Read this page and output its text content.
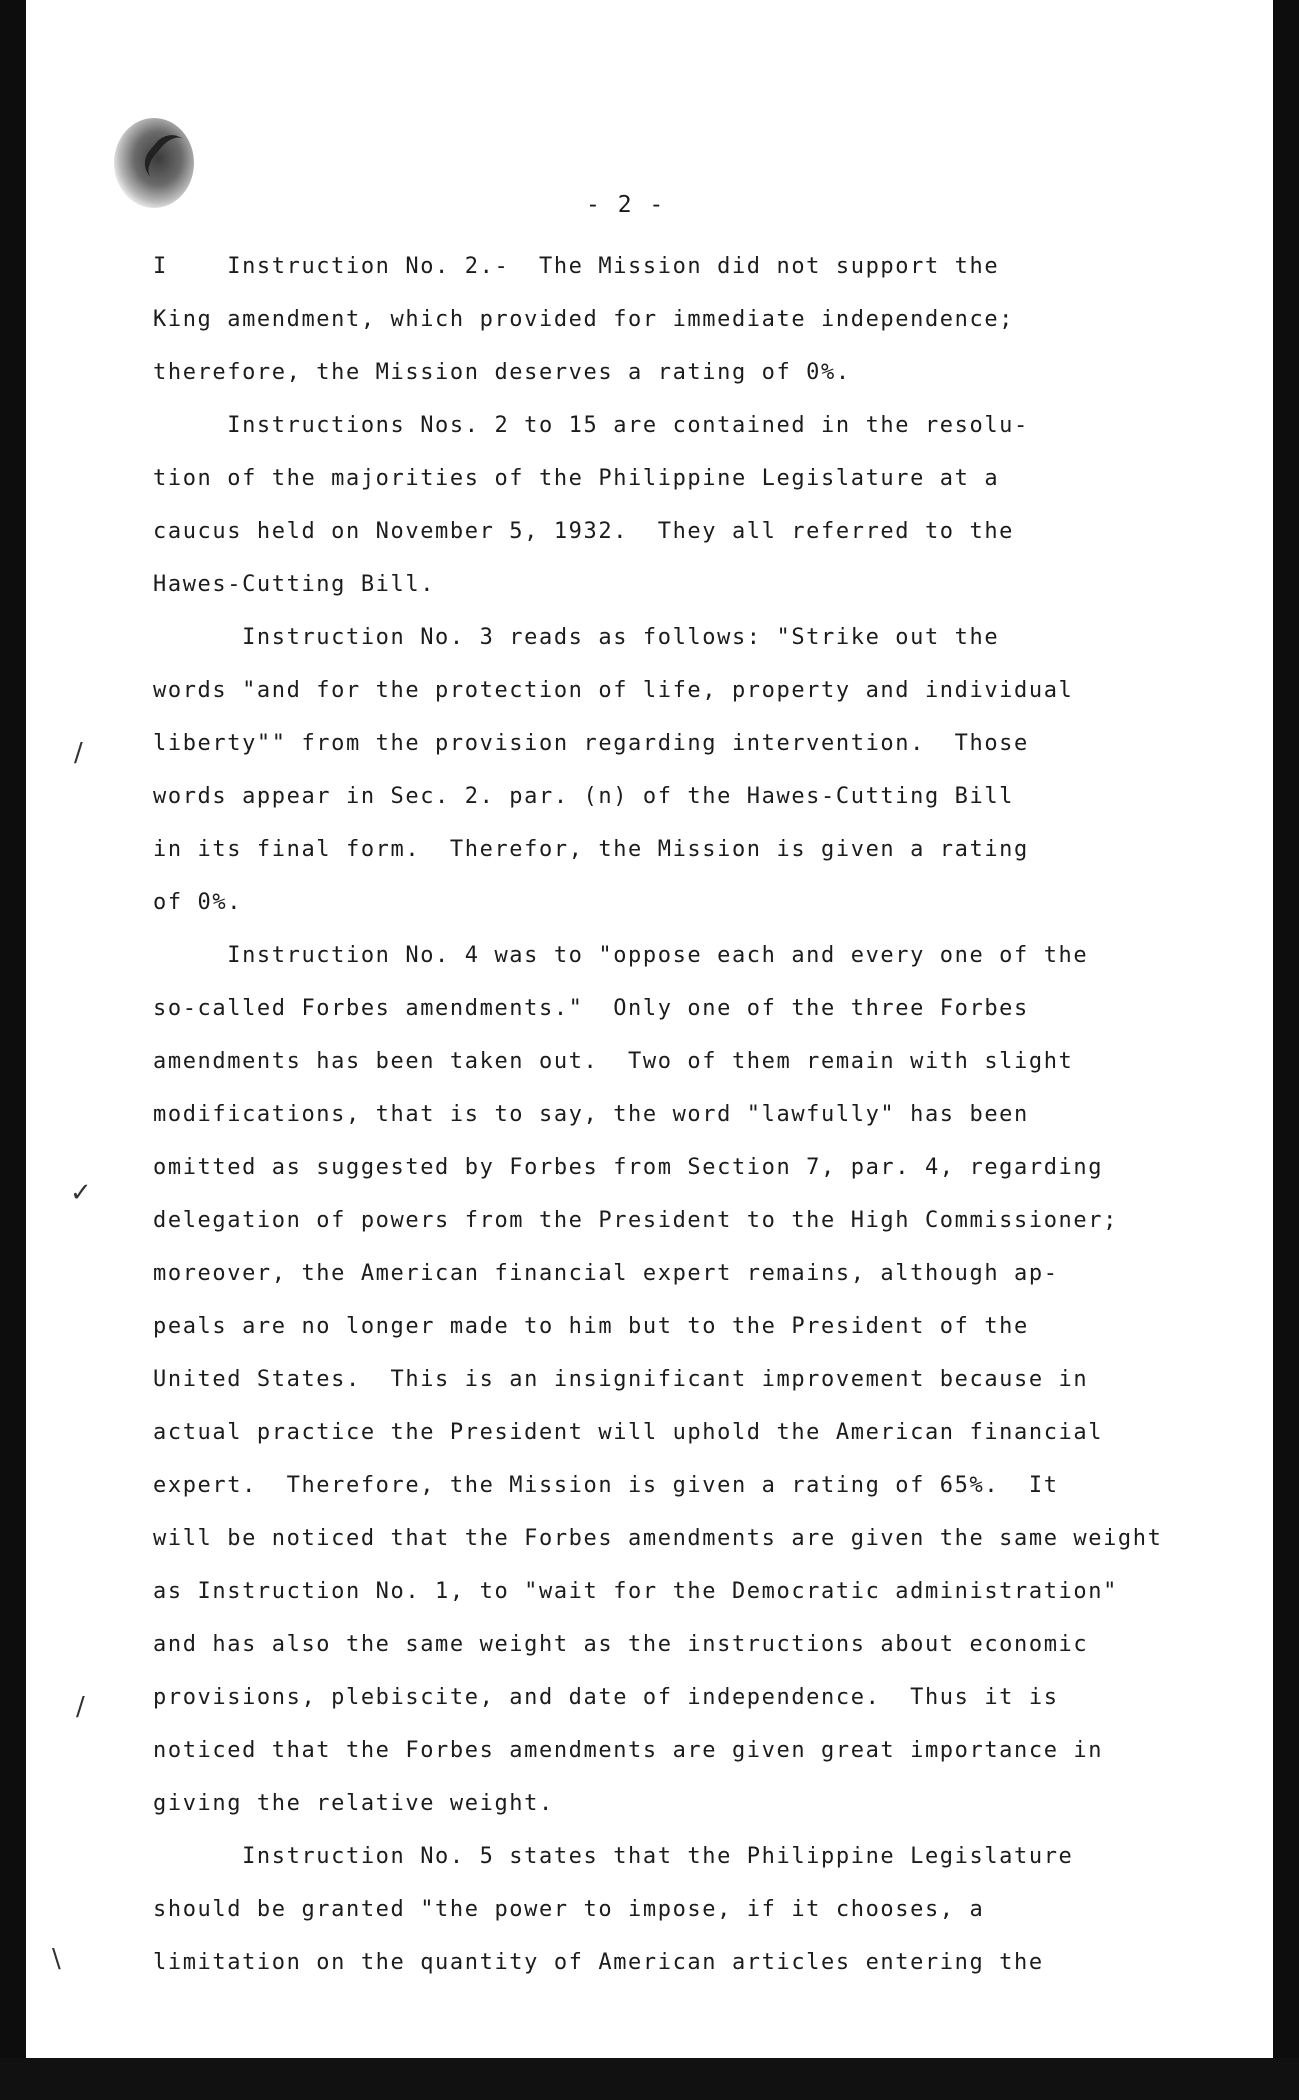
- 2 -
/
✓
/
\
I    Instruction No. 2.-  The Mission did not support the
King amendment, which provided for immediate independence;
therefore, the Mission deserves a rating of 0%.
Instructions Nos. 2 to 15 are contained in the resolu-
tion of the majorities of the Philippine Legislature at a
caucus held on November 5, 1932.  They all referred to the
Hawes-Cutting Bill.
Instruction No. 3 reads as follows: "Strike out the
words "and for the protection of life, property and individual
liberty"" from the provision regarding intervention.  Those
words appear in Sec. 2. par. (n) of the Hawes-Cutting Bill
in its final form.  Therefor, the Mission is given a rating
of 0%.
Instruction No. 4 was to "oppose each and every one of the
so-called Forbes amendments."  Only one of the three Forbes
amendments has been taken out.  Two of them remain with slight
modifications, that is to say, the word "lawfully" has been
omitted as suggested by Forbes from Section 7, par. 4, regarding
delegation of powers from the President to the High Commissioner;
moreover, the American financial expert remains, although ap-
peals are no longer made to him but to the President of the
United States.  This is an insignificant improvement because in
actual practice the President will uphold the American financial
expert.  Therefore, the Mission is given a rating of 65%.  It
will be noticed that the Forbes amendments are given the same weight
as Instruction No. 1, to "wait for the Democratic administration"
and has also the same weight as the instructions about economic
provisions, plebiscite, and date of independence.  Thus it is
noticed that the Forbes amendments are given great importance in
giving the relative weight.
Instruction No. 5 states that the Philippine Legislature
should be granted "the power to impose, if it chooses, a
limitation on the quantity of American articles entering the
